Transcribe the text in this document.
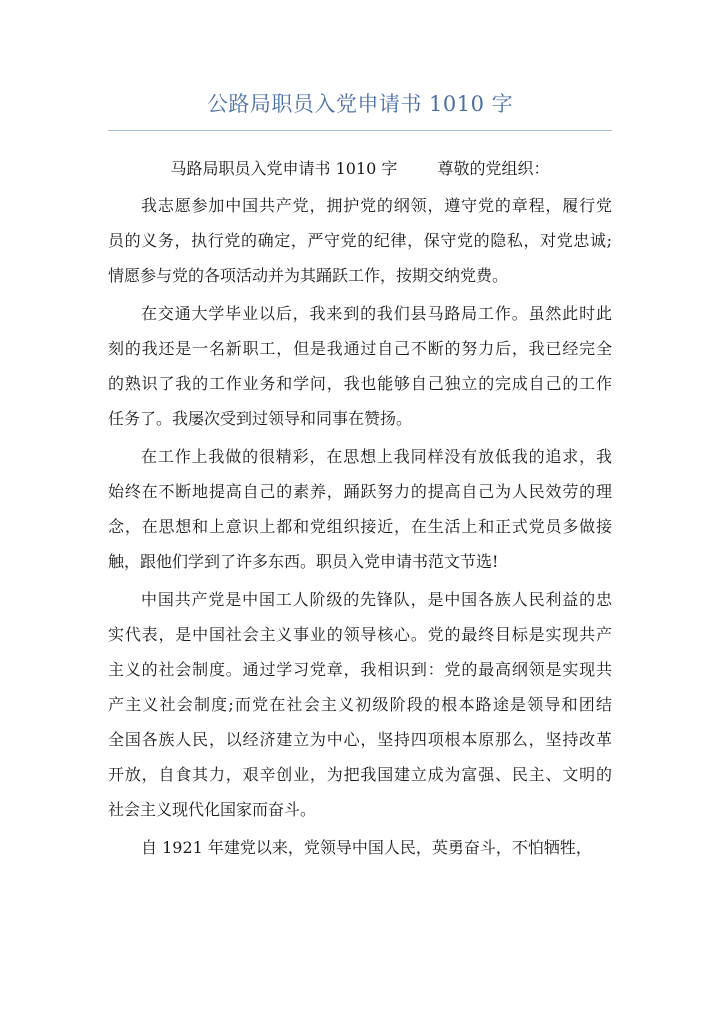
公路局职员入党申请书 1010 字

马路局职员入党申请书 1010 字	尊敬的党组织：

我志愿参加中国共产党，拥护党的纲领，遵守党的章程，履行党

员的义务，执行党的确定，严守党的纪律，保守党的隐私，对党忠诚;

情愿参与党的各项活动并为其踊跃工作，按期交纳党费。

在交通大学毕业以后，我来到的我们县马路局工作。虽然此时此

刻的我还是一名新职工，但是我通过自己不断的努力后，我已经完全

的熟识了我的工作业务和学问，我也能够自己独立的完成自己的工作

任务了。我屡次受到过领导和同事在赞扬。

在工作上我做的很精彩，在思想上我同样没有放低我的追求，我

始终在不断地提高自己的素养，踊跃努力的提高自己为人民效劳的理

念，在思想和上意识上都和党组织接近，在生活上和正式党员多做接

触，跟他们学到了许多东西。职员入党申请书范文节选!

中国共产党是中国工人阶级的先锋队，是中国各族人民利益的忠

实代表，是中国社会主义事业的领导核心。党的最终目标是实现共产

主义的社会制度。通过学习党章，我相识到：党的最高纲领是实现共

产主义社会制度;而党在社会主义初级阶段的根本路途是领导和团结

全国各族人民，以经济建立为中心，坚持四项根本原那么，坚持改革

开放，自食其力，艰辛创业，为把我国建立成为富强、民主、文明的

社会主义现代化国家而奋斗。

自 1921 年建党以来，党领导中国人民，英勇奋斗，不怕牺牲，
